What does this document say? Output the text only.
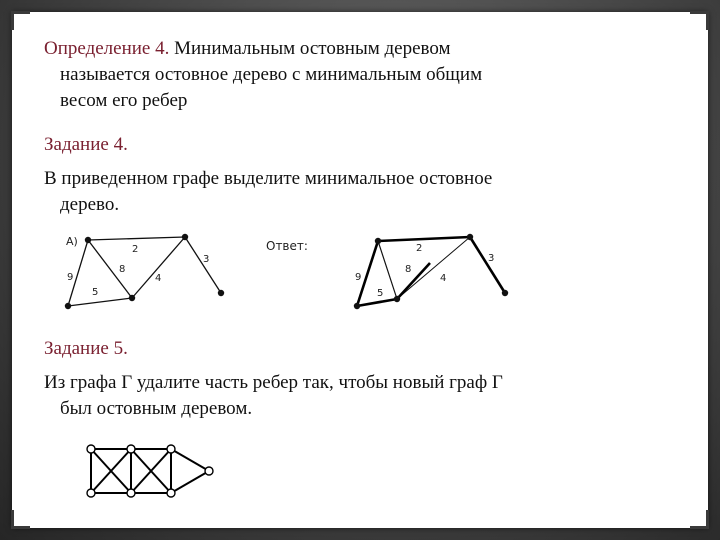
Определение 4. Минимальным остовным деревом
называется остовное дерево с минимальным общим
весом его ребер
Задание 4.
В приведенном графе выделите минимальное остовное
дерево.
А)
2
3
9
8
4
5
Ответ:	2
3
9
8
4
5
Задание 5.
Из графа Г удалите часть ребер так, чтобы новый граф Г
был остовным деревом.
